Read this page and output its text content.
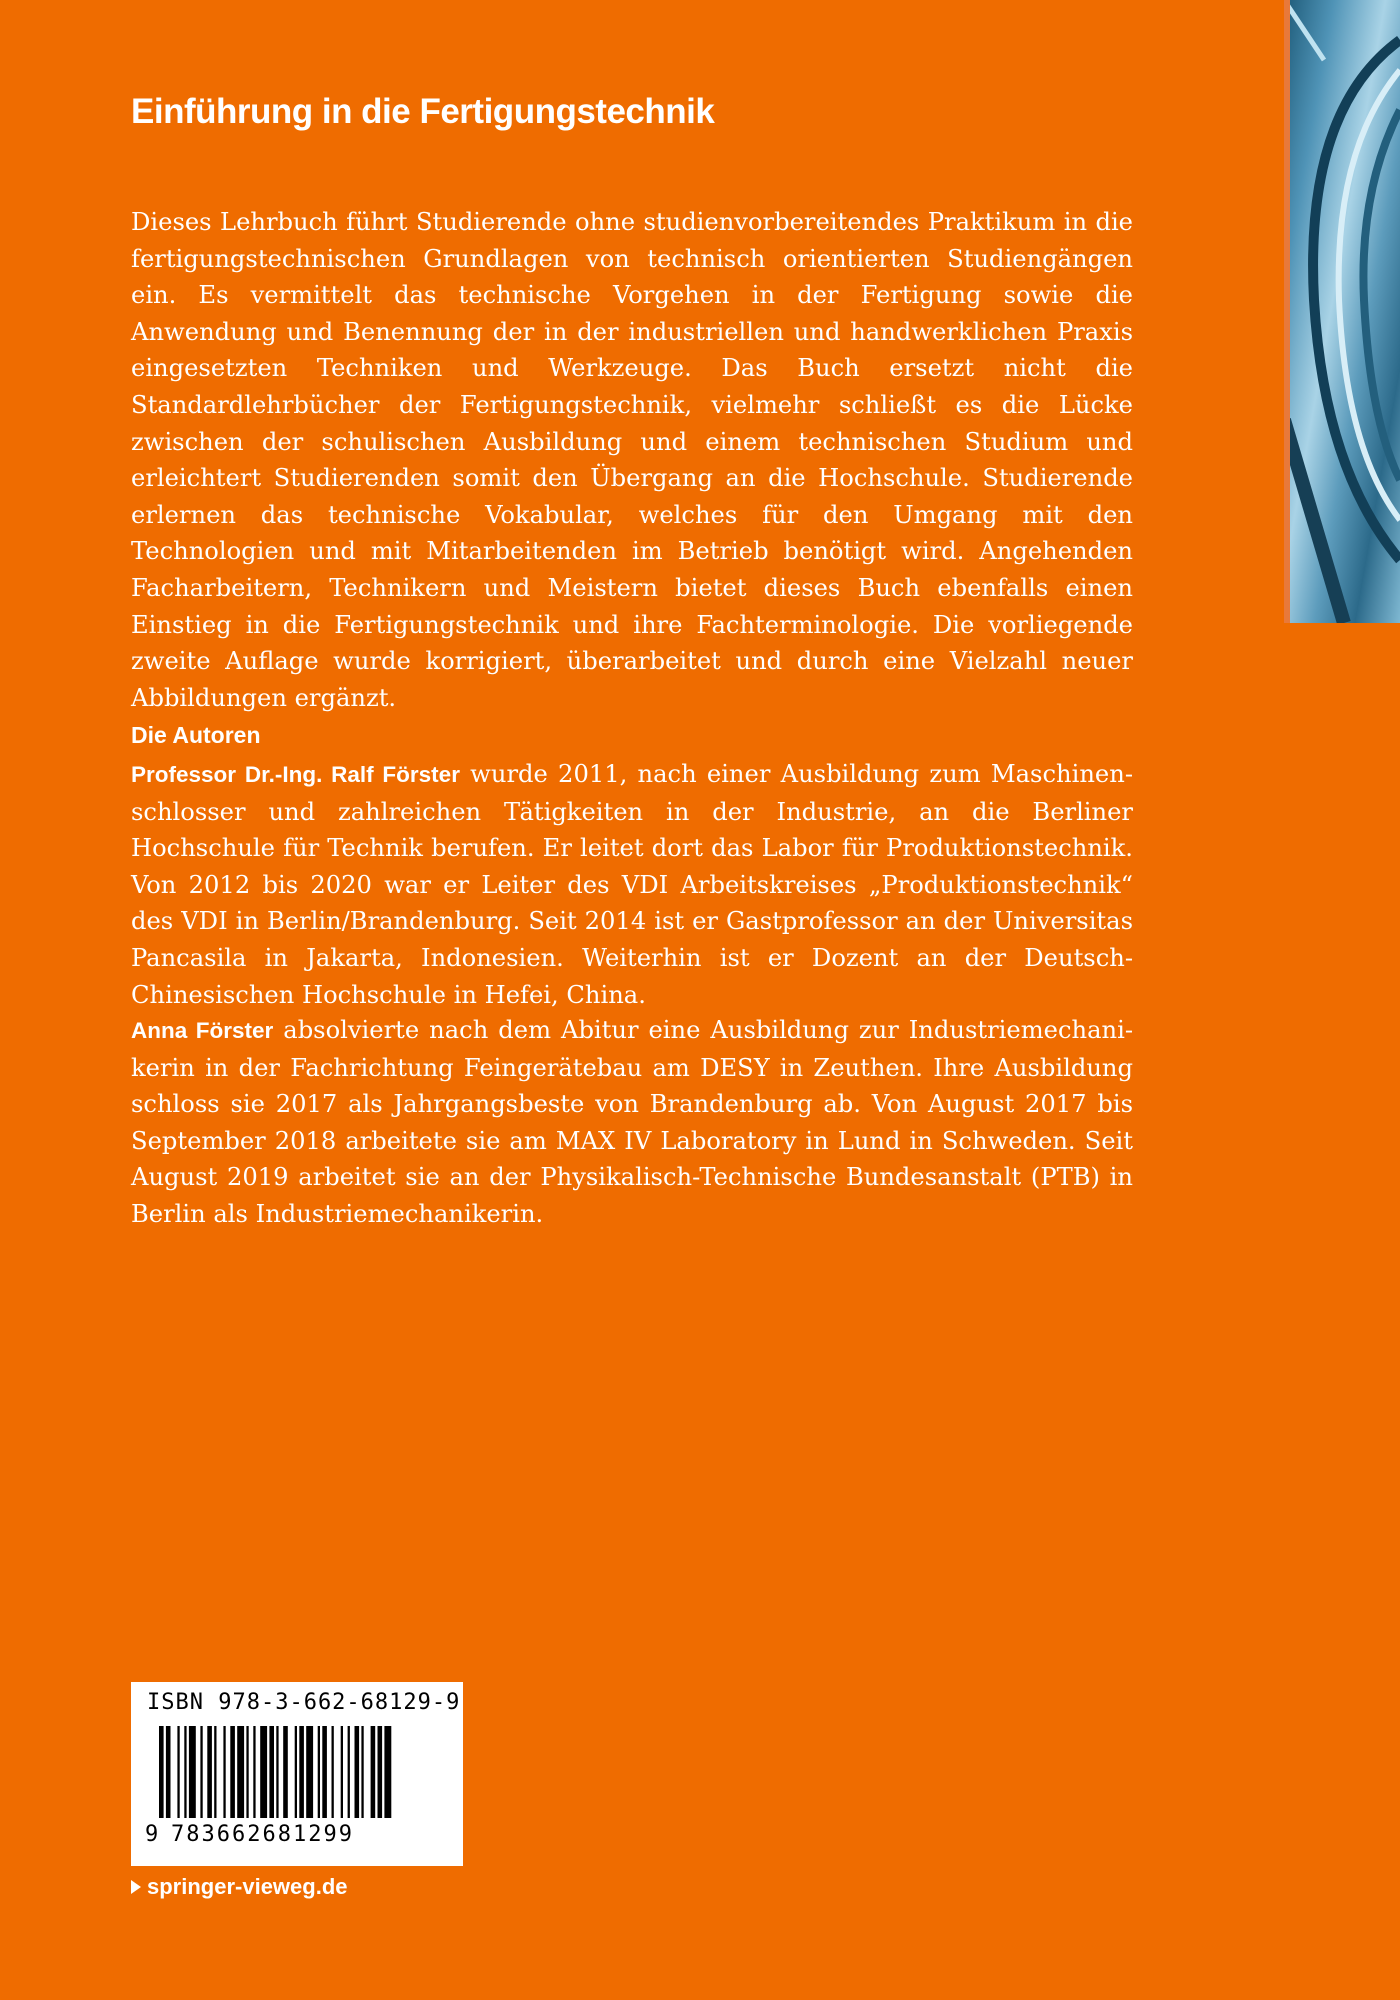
Einführung in die Fertigungstechnik

Dieses Lehrbuch führt Studierende ohne studienvorbereitendes Praktikum in die fertigungstechnischen Grundlagen von technisch orientierten Studiengängen ein. Es vermittelt das technische Vorgehen in der Fertigung sowie die Anwendung und Benennung der in der industriellen und handwerklichen Praxis eingesetzten Techniken und Werkzeuge. Das Buch ersetzt nicht die Standardlehrbücher der Fertigungstechnik, vielmehr schließt es die Lücke zwischen der schulischen Ausbildung und einem technischen Studium und erleichtert Studierenden somit den Übergang an die Hochschule. Studierende erlernen das technische Vokabular, welches für den Umgang mit den Technologien und mit Mitarbeitenden im Betrieb benötigt wird. Angehenden Facharbeitern, Technikern und Meistern bietet dieses Buch ebenfalls einen Einstieg in die Fertigungstechnik und ihre Fachterminologie. Die vorliegende zweite Auflage wurde korrigiert, überarbeitet und durch eine Vielzahl neuer Abbildungen ergänzt.

Die Autoren

Professor Dr.-Ing. Ralf Förster wurde 2011, nach einer Ausbildung zum Maschinenschlosser und zahlreichen Tätigkeiten in der Industrie, an die Berliner Hochschule für Technik berufen. Er leitet dort das Labor für Produktionstechnik. Von 2012 bis 2020 war er Leiter des VDI Arbeitskreises „Produktionstechnik“ des VDI in Berlin/Brandenburg. Seit 2014 ist er Gastprofessor an der Universitas Pancasila in Jakarta, Indonesien. Weiterhin ist er Dozent an der Deutsch-Chinesischen Hochschule in Hefei, China.

Anna Förster absolvierte nach dem Abitur eine Ausbildung zur Industriemechanikerin in der Fachrichtung Feingerätebau am DESY in Zeuthen. Ihre Ausbildung schloss sie 2017 als Jahrgangsbeste von Brandenburg ab. Von August 2017 bis September 2018 arbeitete sie am MAX IV Laboratory in Lund in Schweden. Seit August 2019 arbeitet sie an der Physikalisch-Technische Bundesanstalt (PTB) in Berlin als Industriemechanikerin.

ISBN 978-3-662-68129-9

9 783662681299

springer-vieweg.de
